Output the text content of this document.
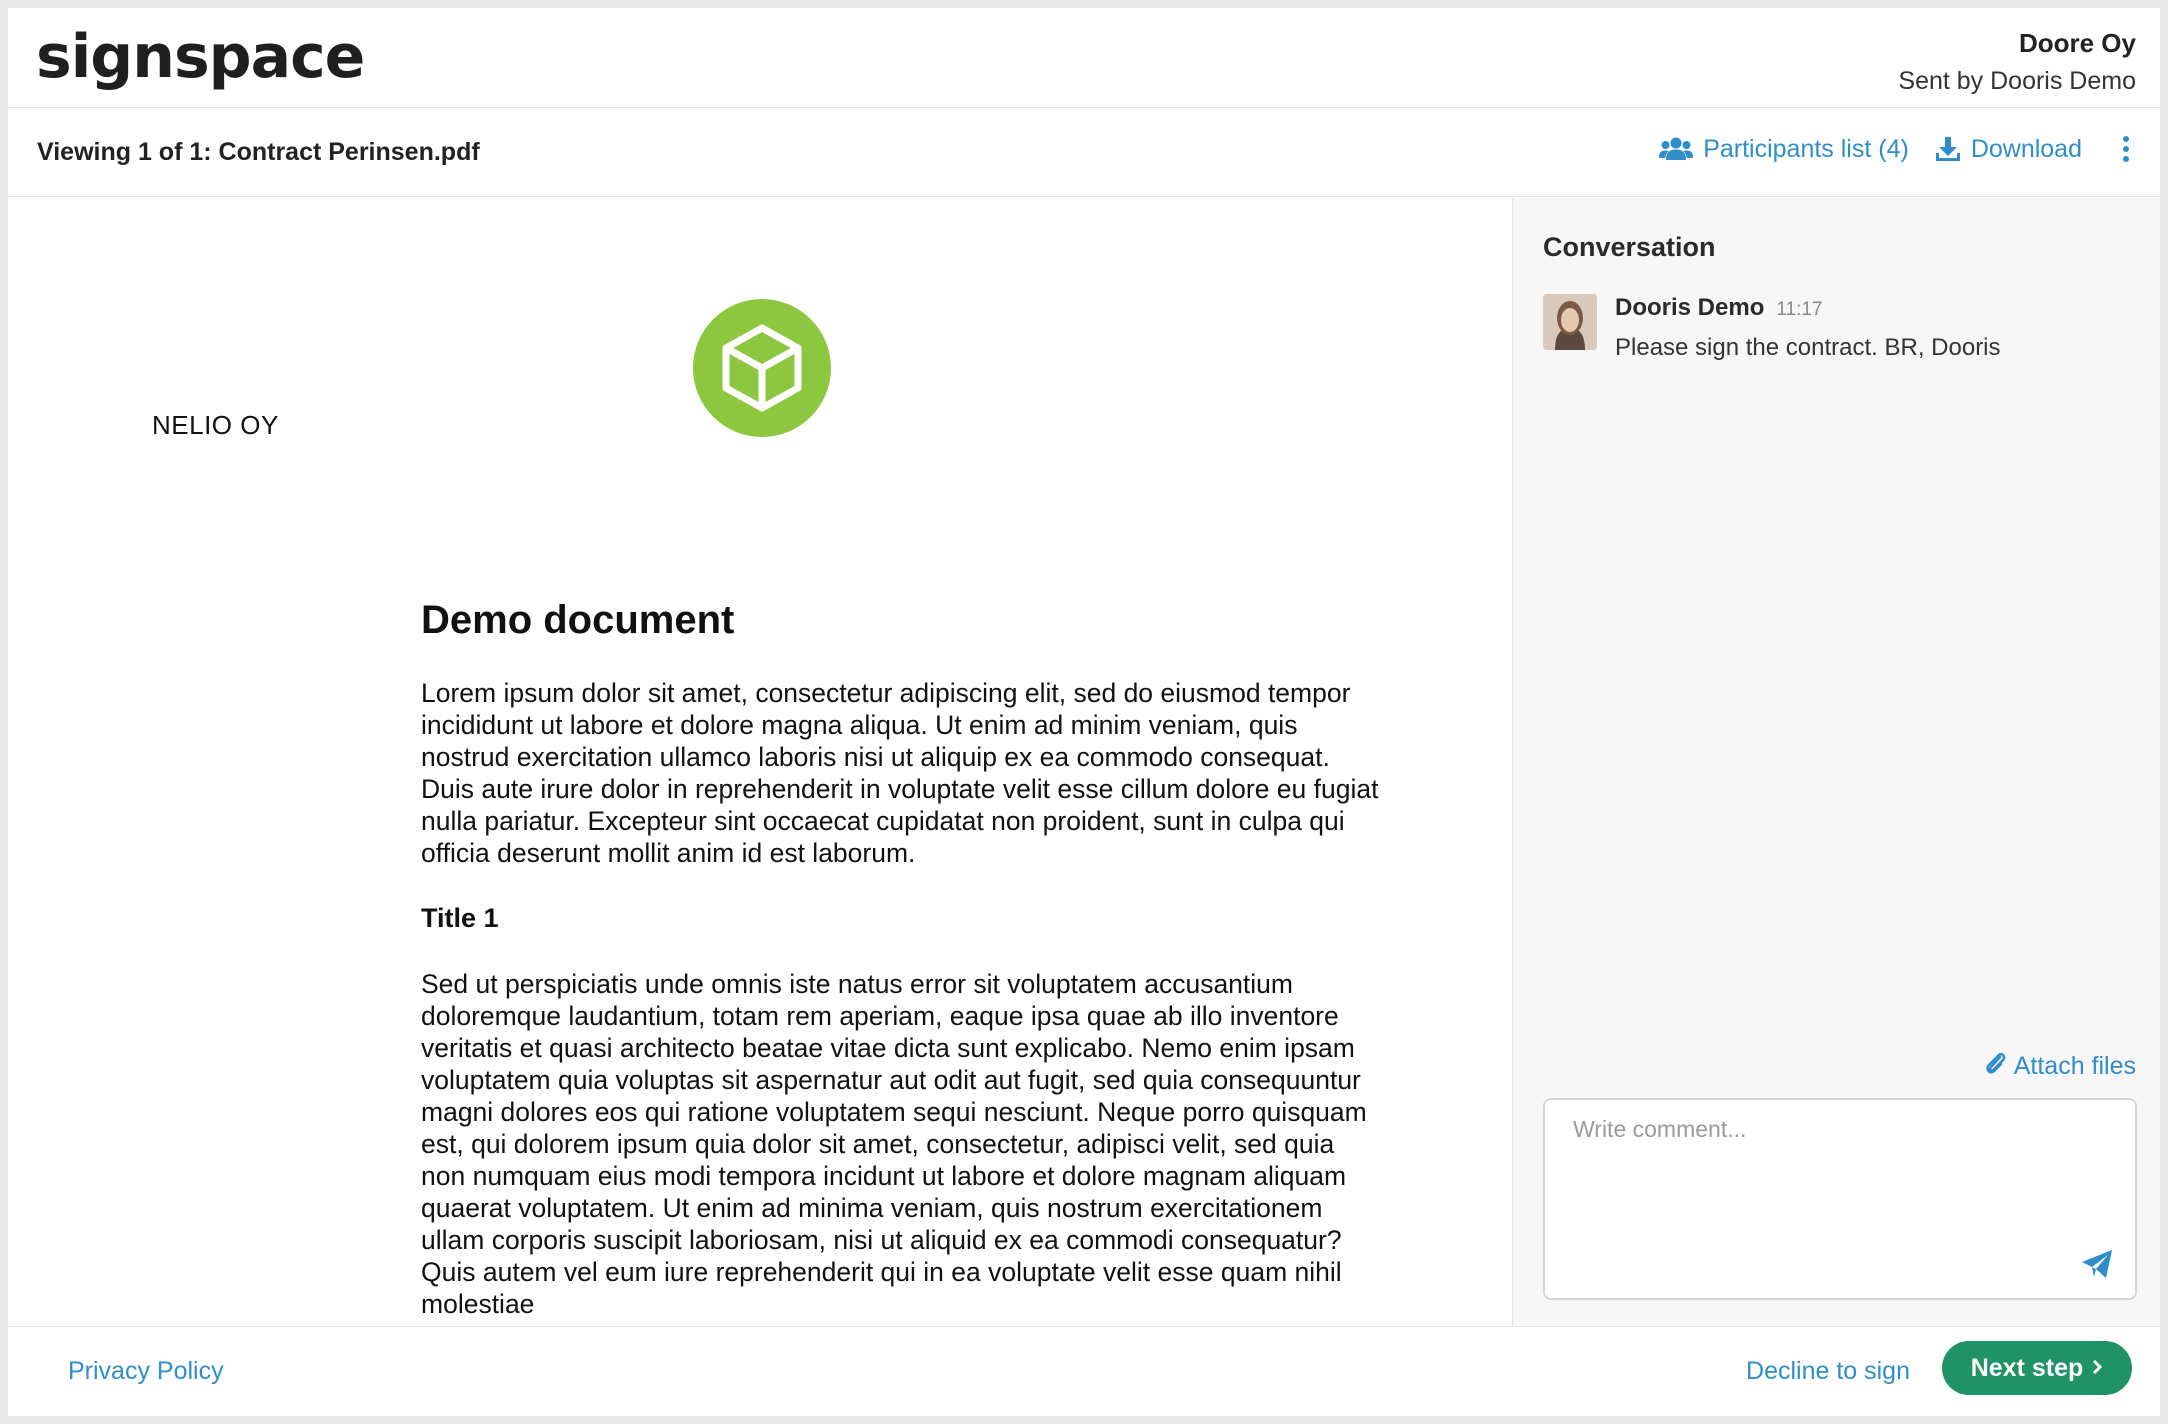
signspace	Doore Oy
Sent by Dooris Demo
Viewing 1 of 1: Contract Perinsen.pdf	Participants list (4) Download
NELIO OY
Demo document
Lorem ipsum dolor sit amet, consectetur adipiscing elit, sed do eiusmod tempor incididunt ut labore et dolore magna aliqua. Ut enim ad minim veniam, quis nostrud exercitation ullamco laboris nisi ut aliquip ex ea commodo consequat. Duis aute irure dolor in reprehenderit in voluptate velit esse cillum dolore eu fugiat nulla pariatur. Excepteur sint occaecat cupidatat non proident, sunt in culpa qui officia deserunt mollit anim id est laborum.
Title 1
Sed ut perspiciatis unde omnis iste natus error sit voluptatem accusantium doloremque laudantium, totam rem aperiam, eaque ipsa quae ab illo inventore veritatis et quasi architecto beatae vitae dicta sunt explicabo. Nemo enim ipsam voluptatem quia voluptas sit aspernatur aut odit aut fugit, sed quia consequuntur magni dolores eos qui ratione voluptatem sequi nesciunt. Neque porro quisquam est, qui dolorem ipsum quia dolor sit amet, consectetur, adipisci velit, sed quia non numquam eius modi tempora incidunt ut labore et dolore magnam aliquam quaerat voluptatem. Ut enim ad minima veniam, quis nostrum exercitationem ullam corporis suscipit laboriosam, nisi ut aliquid ex ea commodi consequatur? Quis autem vel eum iure reprehenderit qui in ea voluptate velit esse quam nihil molestiae
Conversation
Dooris Demo 11:17
Please sign the contract. BR, Dooris
Attach files
Write comment...
Privacy Policy	Decline to sign Next step
